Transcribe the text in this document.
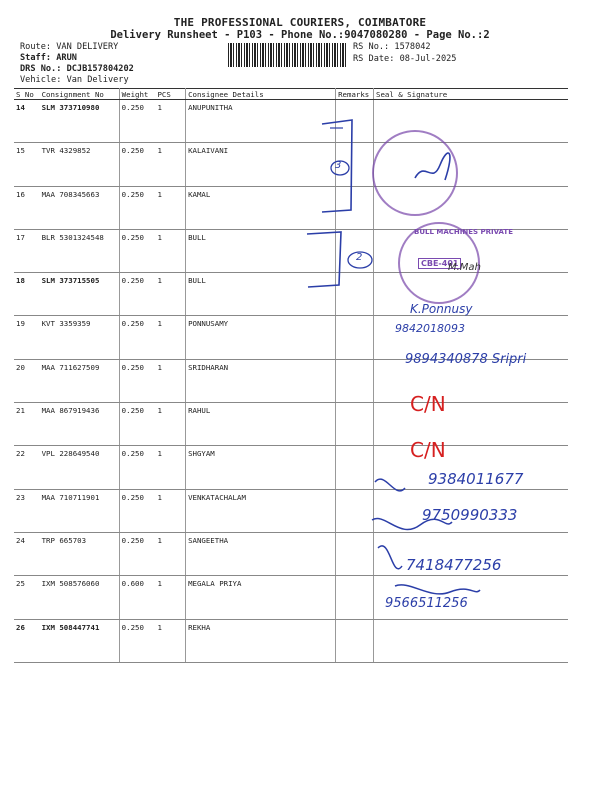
THE PROFESSIONAL COURIERS, COIMBATORE
Delivery Runsheet - P103 - Phone No.:9047080280 - Page No.:2
Route: VAN DELIVERY
Staff: ARUN
DRS No.: DCJB157804202
Vehicle: Van Delivery
RS No.: 1578042
RS Date: 08-Jul-2025
S No	Consignment No	Weight	PCS	Consignee Details	Remarks	Seal & Signature
14	SLM 373710980	0.250	1	ANUPUNITHA		
15	TVR 4329852	0.250	1	KALAIVANI		
16	MAA 708345663	0.250	1	KAMAL		
17	BLR 5301324548	0.250	1	BULL		
18	SLM 373715505	0.250	1	BULL		
19	KVT 3359359	0.250	1	PONNUSAMY		
20	MAA 711627509	0.250	1	SRIDHARAN		
21	MAA 867919436	0.250	1	RAHUL		
22	VPL 228649540	0.250	1	SHGYAM		
23	MAA 710711901	0.250	1	VENKATACHALAM		
24	TRP 665703	0.250	1	SANGEETHA		
25	IXM 508576060	0.600	1	MEGALA PRIYA		
26	IXM 508447741	0.250	1	REKHA		
3
2
BULL MACHINES PRIVATE
CBE-401
M.Mah
K.Ponnusy
9842018093
9894340878 Sripri
C/N
C/N
9384011677
9750990333
7418477256
9566511256
